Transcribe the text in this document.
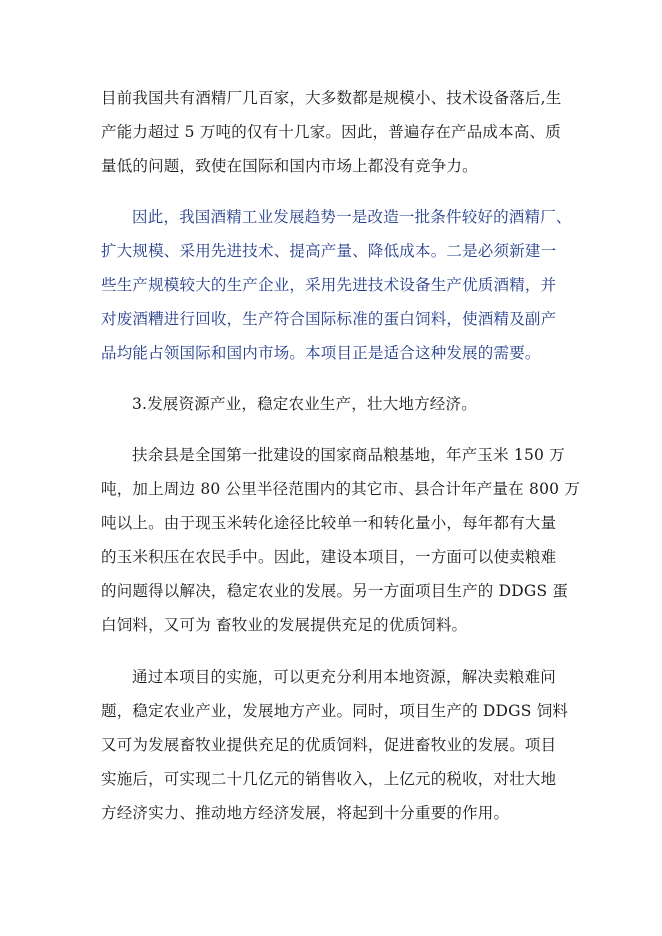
目前我国共有酒精厂几百家，大多数都是规模小、技术设备落后,生
产能力超过 5 万吨的仅有十几家。因此，普遍存在产品成本高、质
量低的问题，致使在国际和国内市场上都没有竞争力。
因此，我国酒精工业发展趋势一是改造一批条件较好的酒精厂、
扩大规模、采用先进技术、提高产量、降低成本。二是必须新建一
些生产规模较大的生产企业，采用先进技术设备生产优质酒精，并
对废酒糟进行回收，生产符合国际标准的蛋白饲料，使酒精及副产
品均能占领国际和国内市场。本项目正是适合这种发展的需要。
3.发展资源产业，稳定农业生产，壮大地方经济。
扶余县是全国第一批建设的国家商品粮基地，年产玉米 150 万
吨，加上周边 80 公里半径范围内的其它市、县合计年产量在 800 万
吨以上。由于现玉米转化途径比较单一和转化量小，每年都有大量
的玉米积压在农民手中。因此，建设本项目，一方面可以使卖粮难
的问题得以解决，稳定农业的发展。另一方面项目生产的 DDGS 蛋
白饲料，又可为 畜牧业的发展提供充足的优质饲料。
通过本项目的实施，可以更充分利用本地资源，解决卖粮难问
题，稳定农业产业，发展地方产业。同时，项目生产的 DDGS 饲料
又可为发展畜牧业提供充足的优质饲料，促进畜牧业的发展。项目
实施后，可实现二十几亿元的销售收入，上亿元的税收，对壮大地
方经济实力、推动地方经济发展，将起到十分重要的作用。
